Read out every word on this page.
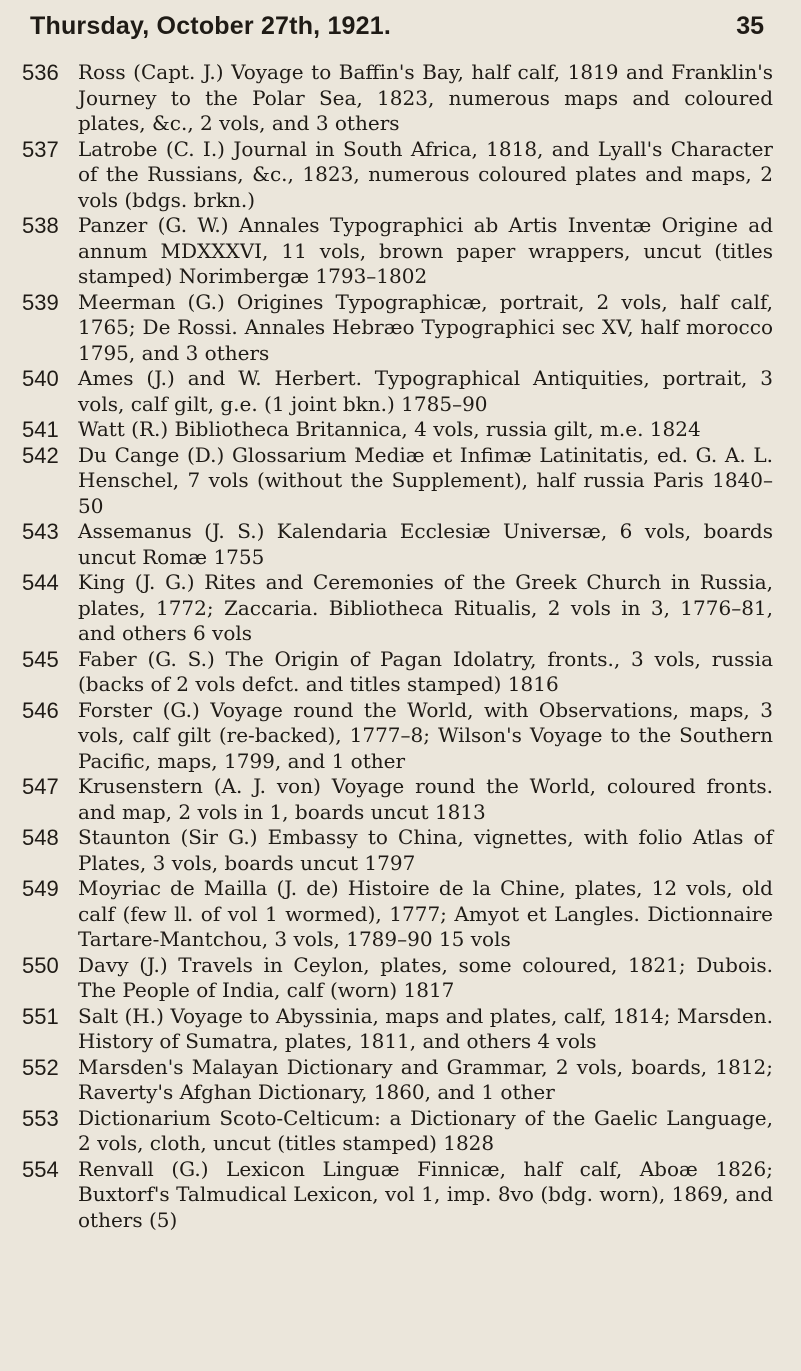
Thursday, October 27th, 1921.	35
536 Ross (Capt. J.) Voyage to Baffin's Bay, half calf, 1819 and Franklin's Journey to the Polar Sea, 1823, numerous maps and coloured plates, &c., 2 vols, and 3 others
537 Latrobe (C. I.) Journal in South Africa, 1818, and Lyall's Character of the Russians, &c., 1823, numerous coloured plates and maps, 2 vols (bdgs. brkn.)
538 Panzer (G. W.) Annales Typographici ab Artis Inventæ Origine ad annum MDXXXVI, 11 vols, brown paper wrappers, uncut (titles stamped) Norimbergæ 1793–1802
539 Meerman (G.) Origines Typographicæ, portrait, 2 vols, half calf, 1765; De Rossi. Annales Hebræo Typographici sec XV, half morocco 1795, and 3 others
540 Ames (J.) and W. Herbert. Typographical Antiquities, portrait, 3 vols, calf gilt, g.e. (1 joint bkn.) 1785–90
541 Watt (R.) Bibliotheca Britannica, 4 vols, russia gilt, m.e. 1824
542 Du Cange (D.) Glossarium Mediæ et Infimæ Latinitatis, ed. G. A. L. Henschel, 7 vols (without the Supplement), half russia Paris 1840–50
543 Assemanus (J. S.) Kalendaria Ecclesiæ Universæ, 6 vols, boards uncut Romæ 1755
544 King (J. G.) Rites and Ceremonies of the Greek Church in Russia, plates, 1772; Zaccaria. Bibliotheca Ritualis, 2 vols in 3, 1776–81, and others 6 vols
545 Faber (G. S.) The Origin of Pagan Idolatry, fronts., 3 vols, russia (backs of 2 vols defct. and titles stamped) 1816
546 Forster (G.) Voyage round the World, with Observations, maps, 3 vols, calf gilt (re-backed), 1777–8; Wilson's Voyage to the Southern Pacific, maps, 1799, and 1 other
547 Krusenstern (A. J. von) Voyage round the World, coloured fronts. and map, 2 vols in 1, boards uncut 1813
548 Staunton (Sir G.) Embassy to China, vignettes, with folio Atlas of Plates, 3 vols, boards uncut 1797
549 Moyriac de Mailla (J. de) Histoire de la Chine, plates, 12 vols, old calf (few ll. of vol 1 wormed), 1777; Amyot et Langles. Dictionnaire Tartare-Mantchou, 3 vols, 1789–90 15 vols
550 Davy (J.) Travels in Ceylon, plates, some coloured, 1821; Dubois. The People of India, calf (worn) 1817
551 Salt (H.) Voyage to Abyssinia, maps and plates, calf, 1814; Marsden. History of Sumatra, plates, 1811, and others 4 vols
552 Marsden's Malayan Dictionary and Grammar, 2 vols, boards, 1812; Raverty's Afghan Dictionary, 1860, and 1 other
553 Dictionarium Scoto-Celticum: a Dictionary of the Gaelic Language, 2 vols, cloth, uncut (titles stamped) 1828
554 Renvall (G.) Lexicon Linguæ Finnicæ, half calf, Aboæ 1826; Buxtorf's Talmudical Lexicon, vol 1, imp. 8vo (bdg. worn), 1869, and others (5)
